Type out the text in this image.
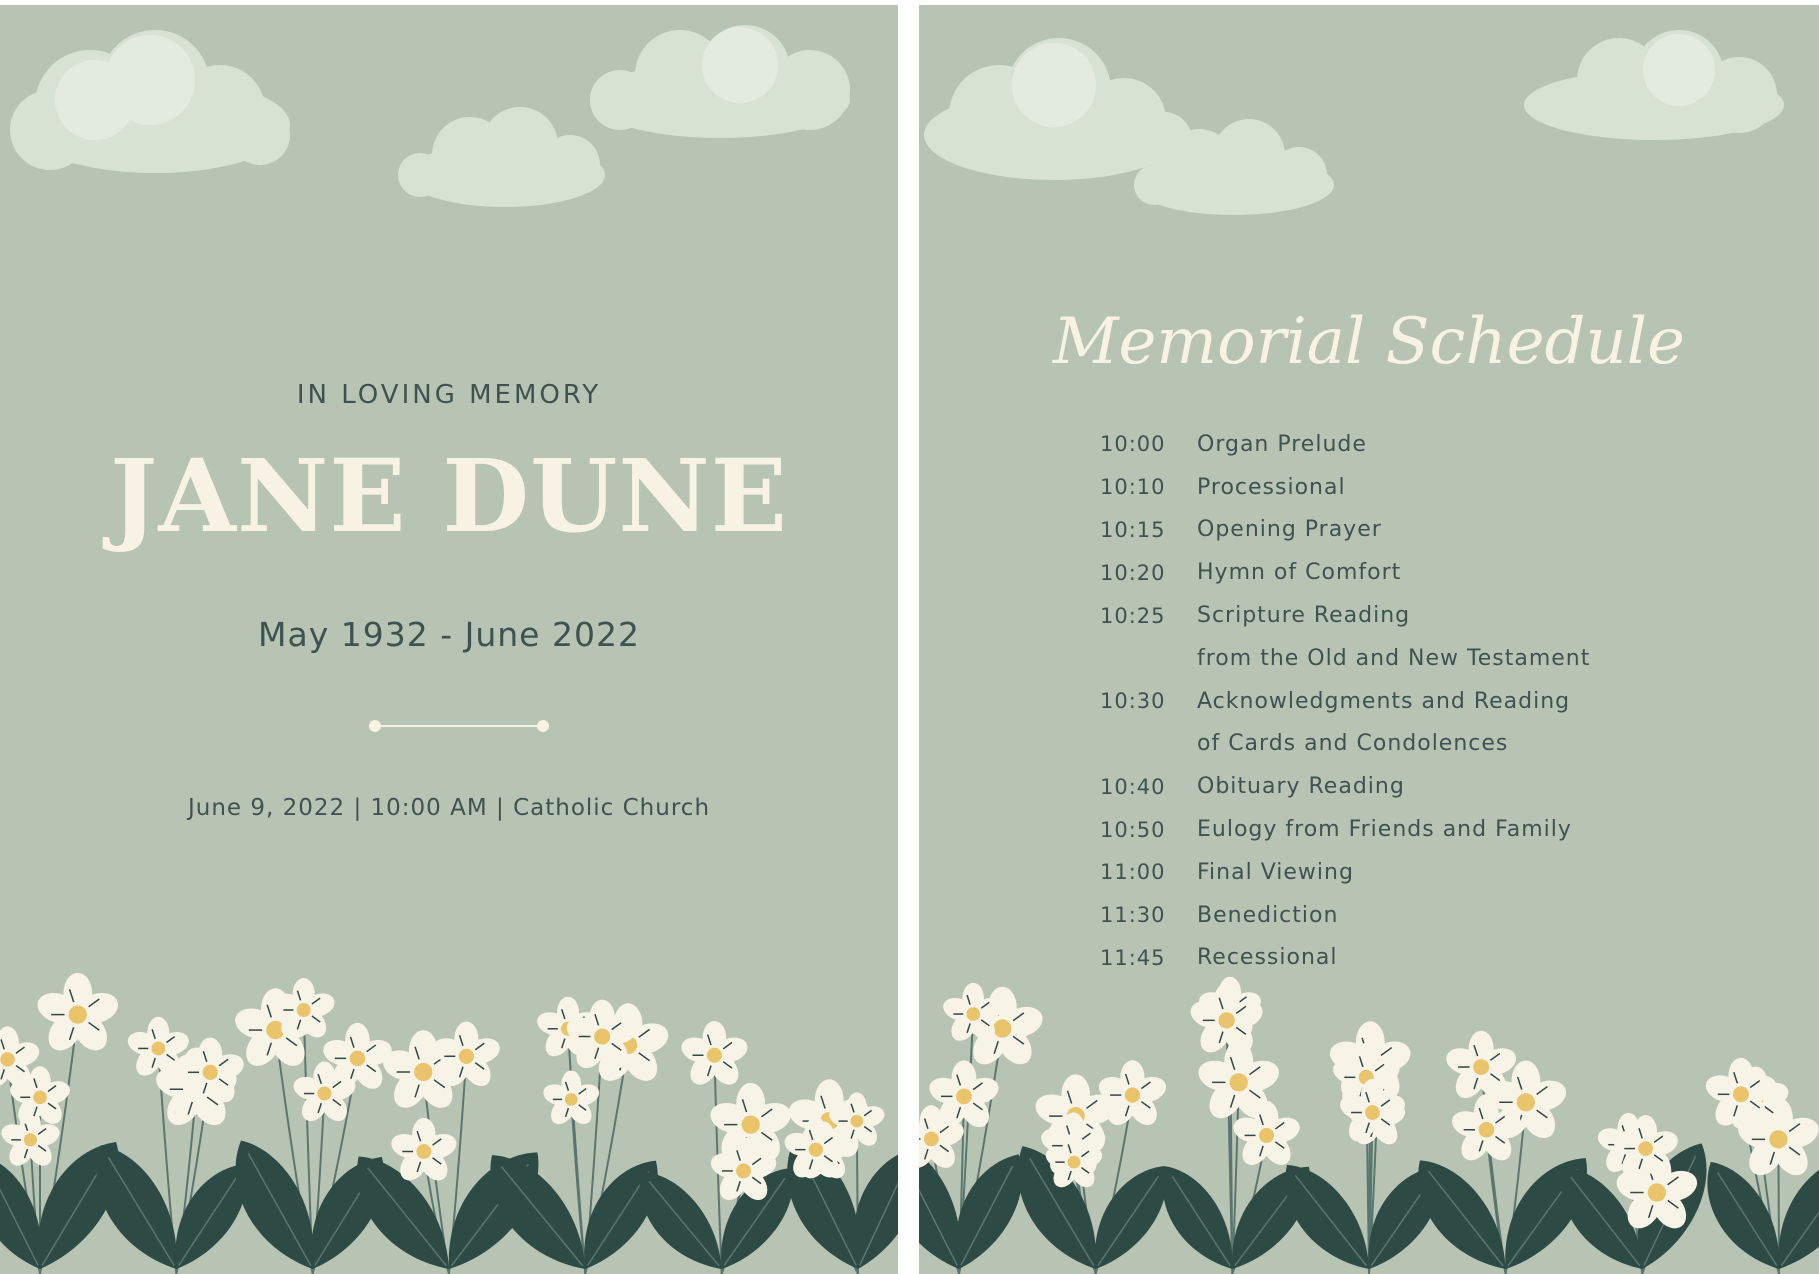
IN LOVING MEMORY
JANE DUNE
May 1932 - June 2022
June 9, 2022 | 10:00 AM | Catholic Church
Memorial Schedule
10:00	Organ Prelude
10:10	Processional
10:15	Opening Prayer
10:20	Hymn of Comfort
10:25	Scripture Reading
from the Old and New Testament
10:30	Acknowledgments and Reading
of Cards and Condolences
10:40	Obituary Reading
10:50	Eulogy from Friends and Family
11:00	Final Viewing
11:30	Benediction
11:45	Recessional
